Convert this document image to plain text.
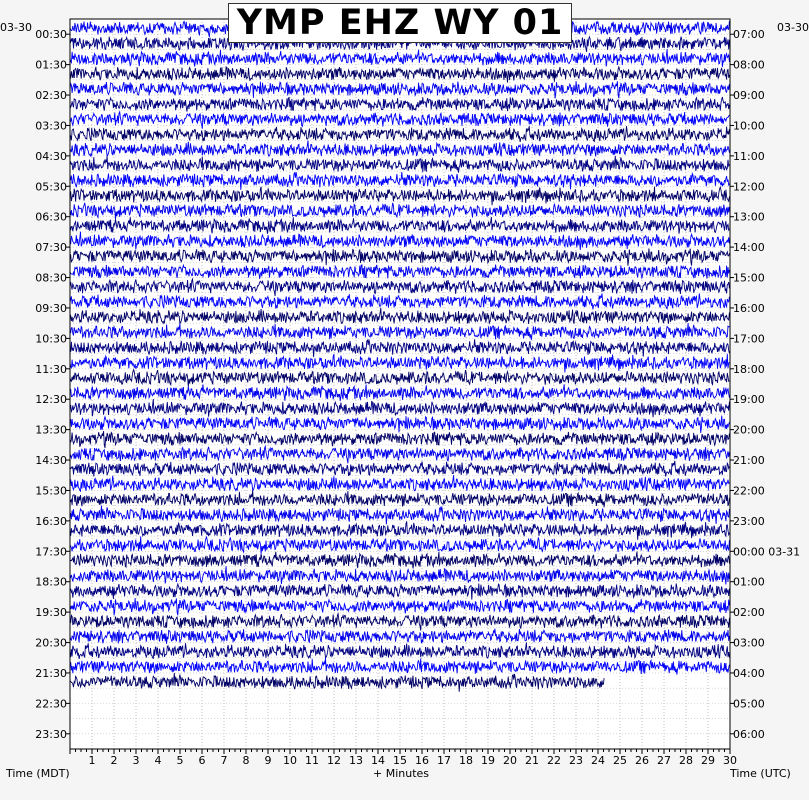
00:30
01:30
02:30
03:30
04:30
05:30
06:30
07:30
08:30
09:30
10:30
11:30
12:30
13:30
14:30
15:30
16:30
17:30
18:30
19:30
20:30
21:30
22:30
23:30
07:00
08:00
09:00
10:00
11:00
12:00
13:00
14:00
15:00
16:00
17:00
18:00
19:00
20:00
21:00
22:00
23:00
00:00 03-31
01:00
02:00
03:00
04:00
05:00
06:00
1 2 3 4 5 6 7 8 9 10 11 12 13 14 15 16 17 18 19 20 21 22 23 24 25 26 27 28 29 30
YMP EHZ WY 01
03-30	03-30
Time (MDT)	+ Minutes	Time (UTC)
